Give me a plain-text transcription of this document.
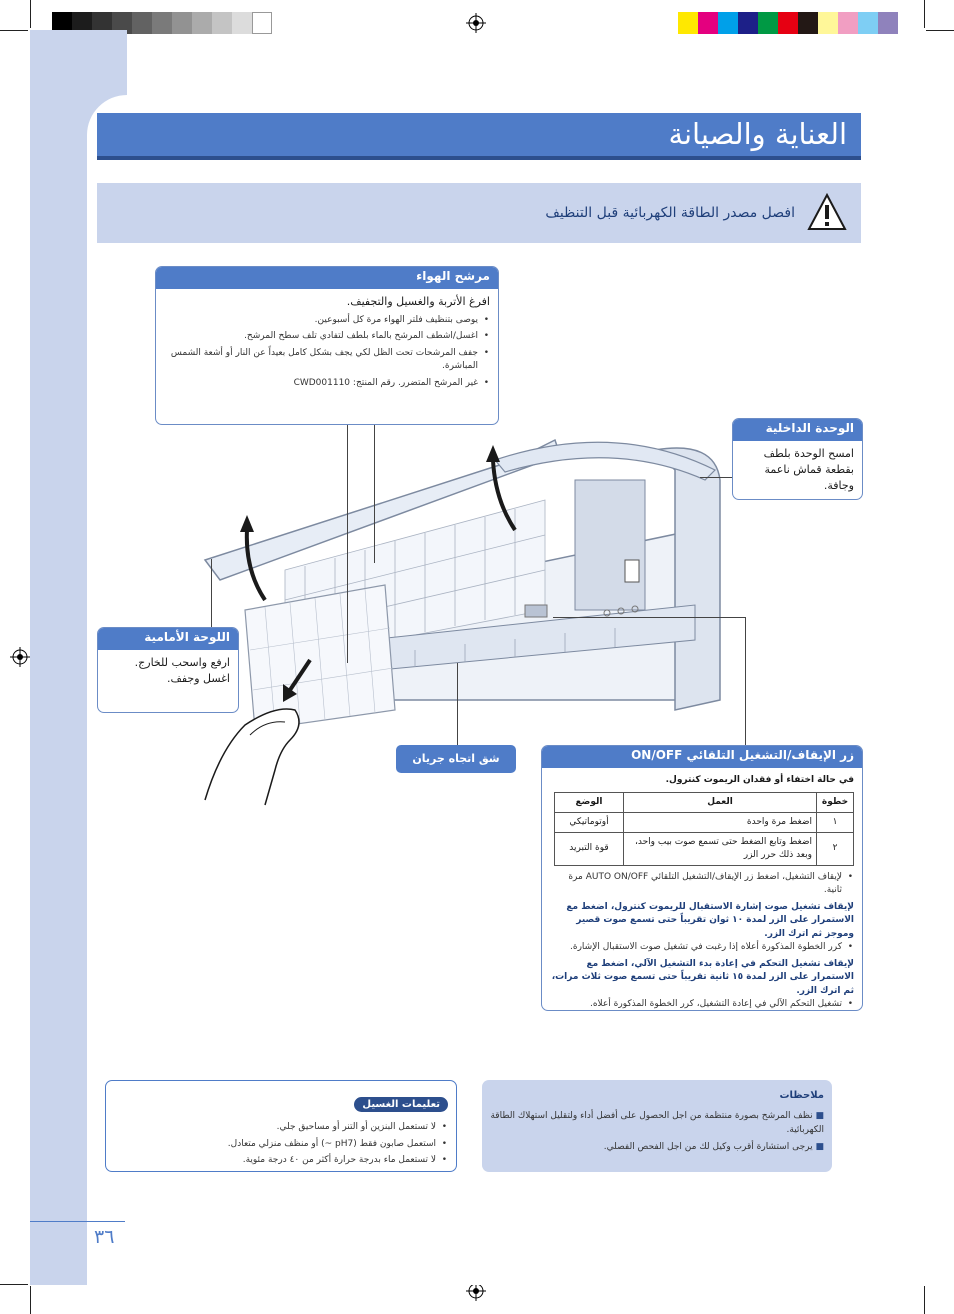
العناية والصيانة
افصل مصدر الطاقة الكهربائية قبل التنظيف
مرشح الهواء
افرغ الأتربة والغسيل والتجفيف.
• يوصى بتنظيف فلتر الهواء مرة كل أسبوعين.
• اغسل/اشطف المرشح بالماء بلطف لتفادي تلف سطح المرشح.
• جفف المرشحات تحت الظل لكي يجف بشكل كامل بعيداً عن النار أو أشعة الشمس المباشرة.
• غير المرشح المتضرر. رقم المنتج: CWD001110
الوحدة الداخلية
امسح الوحدة بلطف بقطعة قماش ناعمة وجافة.
اللوحة الأمامية
ارفع واسحب للخارج. اغسل وجفف.
شق اتجاه جريان الهواء
زر الإيقاف/التشغيل التلقائي ON/OFF
في حالة اختفاء أو فقدان الريموت كنترول.
خطوة	العمل	الوضع
١	اضغط مرة واحدة	أوتوماتيكي
٢	اضغط وتابع الضغط حتى تسمع صوت بيب واحد، وبعد ذلك حرر الزر	قوة التبريد
• لإيقاف التشغيل، اضغط زر الإيقاف/التشغيل التلقائي AUTO ON/OFF مرة ثانية.
لإيقاف تشغيل صوت إشارة الاستقبال للريموت كنترول، اضغط مع الاستمرار على الزر لمدة ١٠ ثوان تقريباً حتى تسمع صوت قصير وموجز ثم اترك الزر.
• كرر الخطوة المذكورة أعلاه إذا رغبت في تشغيل صوت الاستقبال الإشارة.
لإيقاف تشغيل التحكم في إعادة بدء التشغيل الآلي، اضغط مع الاستمرار على الزر لمدة ١٥ ثانية تقريباً حتى تسمع صوت ثلاث مرات، ثم اترك الزر.
• تشغيل التحكم الآلي في إعادة التشغيل، كرر الخطوة المذكورة أعلاه.
تعليمات الغسيل
• لا تستعمل البنزين أو التنر أو مساحيق جلي.
• استعمل صابون فقط (pH7 ~) أو منظف منزلي متعادل.
• لا تستعمل ماء بدرجة حرارة أكثر من ٤٠ درجة مئوية.
ملاحظات
■ نظف المرشح بصورة منتظمة من اجل الحصول على أفضل أداء ولتقليل استهلاك الطاقة الكهربائية.
■ يرجى استشارة أقرب وكيل لك من اجل الفحص الفصلي.
٣٦
